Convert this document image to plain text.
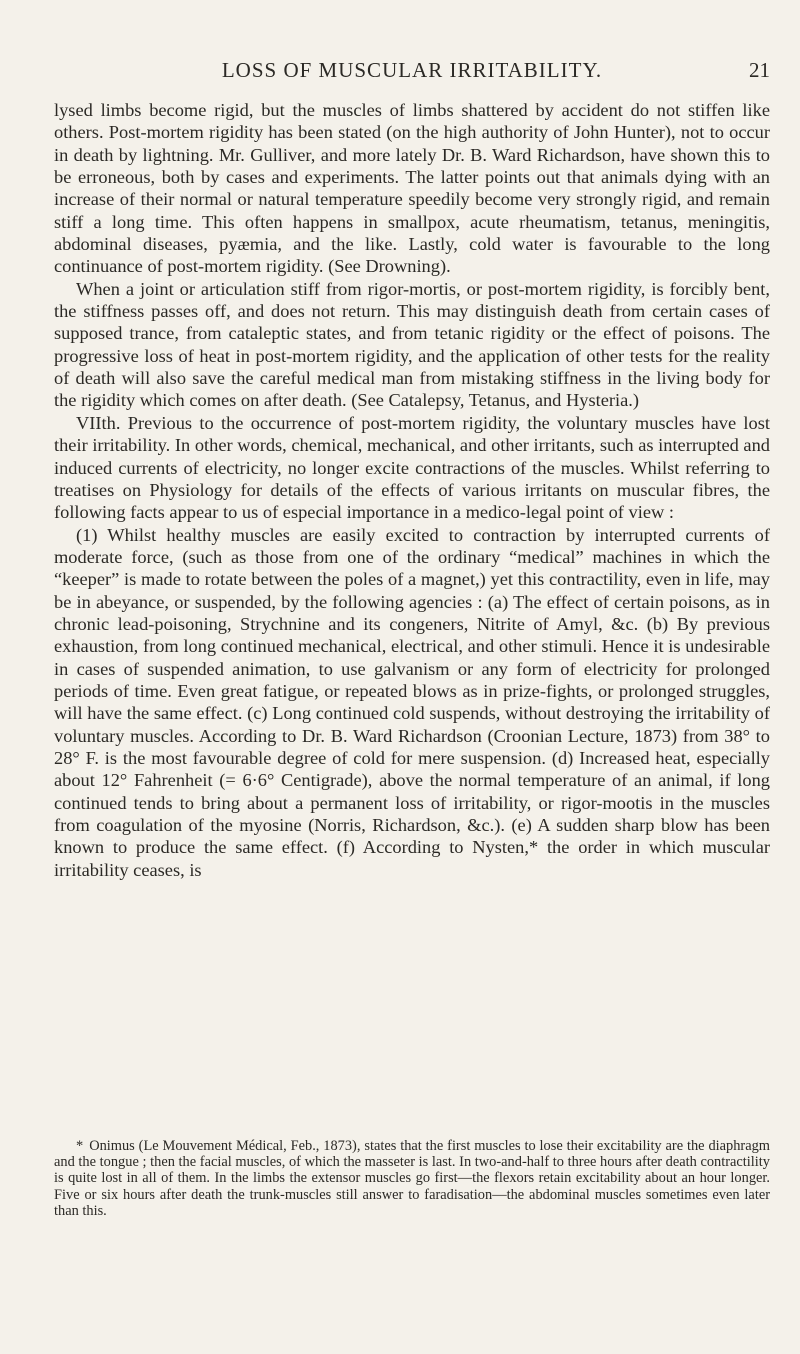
LOSS OF MUSCULAR IRRITABILITY.	21

lysed limbs become rigid, but the muscles of limbs shattered by accident do not stiffen like others. Post-mortem rigidity has been stated (on the high authority of John Hunter), not to occur in death by lightning. Mr. Gulliver, and more lately Dr. B. Ward Richardson, have shown this to be erroneous, both by cases and experiments. The latter points out that animals dying with an increase of their normal or natural temperature speedily become very strongly rigid, and remain stiff a long time. This often happens in smallpox, acute rheumatism, tetanus, meningitis, abdominal diseases, pyæmia, and the like. Lastly, cold water is favourable to the long continuance of post-mortem rigidity. (See Drowning).

When a joint or articulation stiff from rigor-mortis, or post-mortem rigidity, is forcibly bent, the stiffness passes off, and does not return. This may distinguish death from certain cases of supposed trance, from cataleptic states, and from tetanic rigidity or the effect of poisons. The progressive loss of heat in post-mortem rigidity, and the application of other tests for the reality of death will also save the careful medical man from mistaking stiffness in the living body for the rigidity which comes on after death. (See Catalepsy, Tetanus, and Hysteria.)

VIIth. Previous to the occurrence of post-mortem rigidity, the voluntary muscles have lost their irritability. In other words, chemical, mechanical, and other irritants, such as interrupted and induced currents of electricity, no longer excite contractions of the muscles. Whilst referring to treatises on Physiology for details of the effects of various irritants on muscular fibres, the following facts appear to us of especial importance in a medico-legal point of view :

(1) Whilst healthy muscles are easily excited to contraction by interrupted currents of moderate force, (such as those from one of the ordinary “medical” machines in which the “keeper” is made to rotate between the poles of a magnet,) yet this contractility, even in life, may be in abeyance, or suspended, by the following agencies : (a) The effect of certain poisons, as in chronic lead-poisoning, Strychnine and its congeners, Nitrite of Amyl, &c. (b) By previous exhaustion, from long continued mechanical, electrical, and other stimuli. Hence it is undesirable in cases of suspended animation, to use galvanism or any form of electricity for prolonged periods of time. Even great fatigue, or repeated blows as in prize-fights, or prolonged struggles, will have the same effect. (c) Long continued cold suspends, without destroying the irritability of voluntary muscles. According to Dr. B. Ward Richardson (Croonian Lecture, 1873) from 38° to 28° F. is the most favourable degree of cold for mere suspension. (d) Increased heat, especially about 12° Fahrenheit (= 6·6° Centigrade), above the normal temperature of an animal, if long continued tends to bring about a permanent loss of irritability, or rigor-mootis in the muscles from coagulation of the myosine (Norris, Richardson, &c.). (e) A sudden sharp blow has been known to produce the same effect. (f) According to Nysten,* the order in which muscular irritability ceases, is

* Onimus (Le Mouvement Médical, Feb., 1873), states that the first muscles to lose their excitability are the diaphragm and the tongue ; then the facial muscles, of which the masseter is last. In two-and-half to three hours after death contractility is quite lost in all of them. In the limbs the extensor muscles go first—the flexors retain excitability about an hour longer. Five or six hours after death the trunk-muscles still answer to faradisation—the abdominal muscles sometimes even later than this.
